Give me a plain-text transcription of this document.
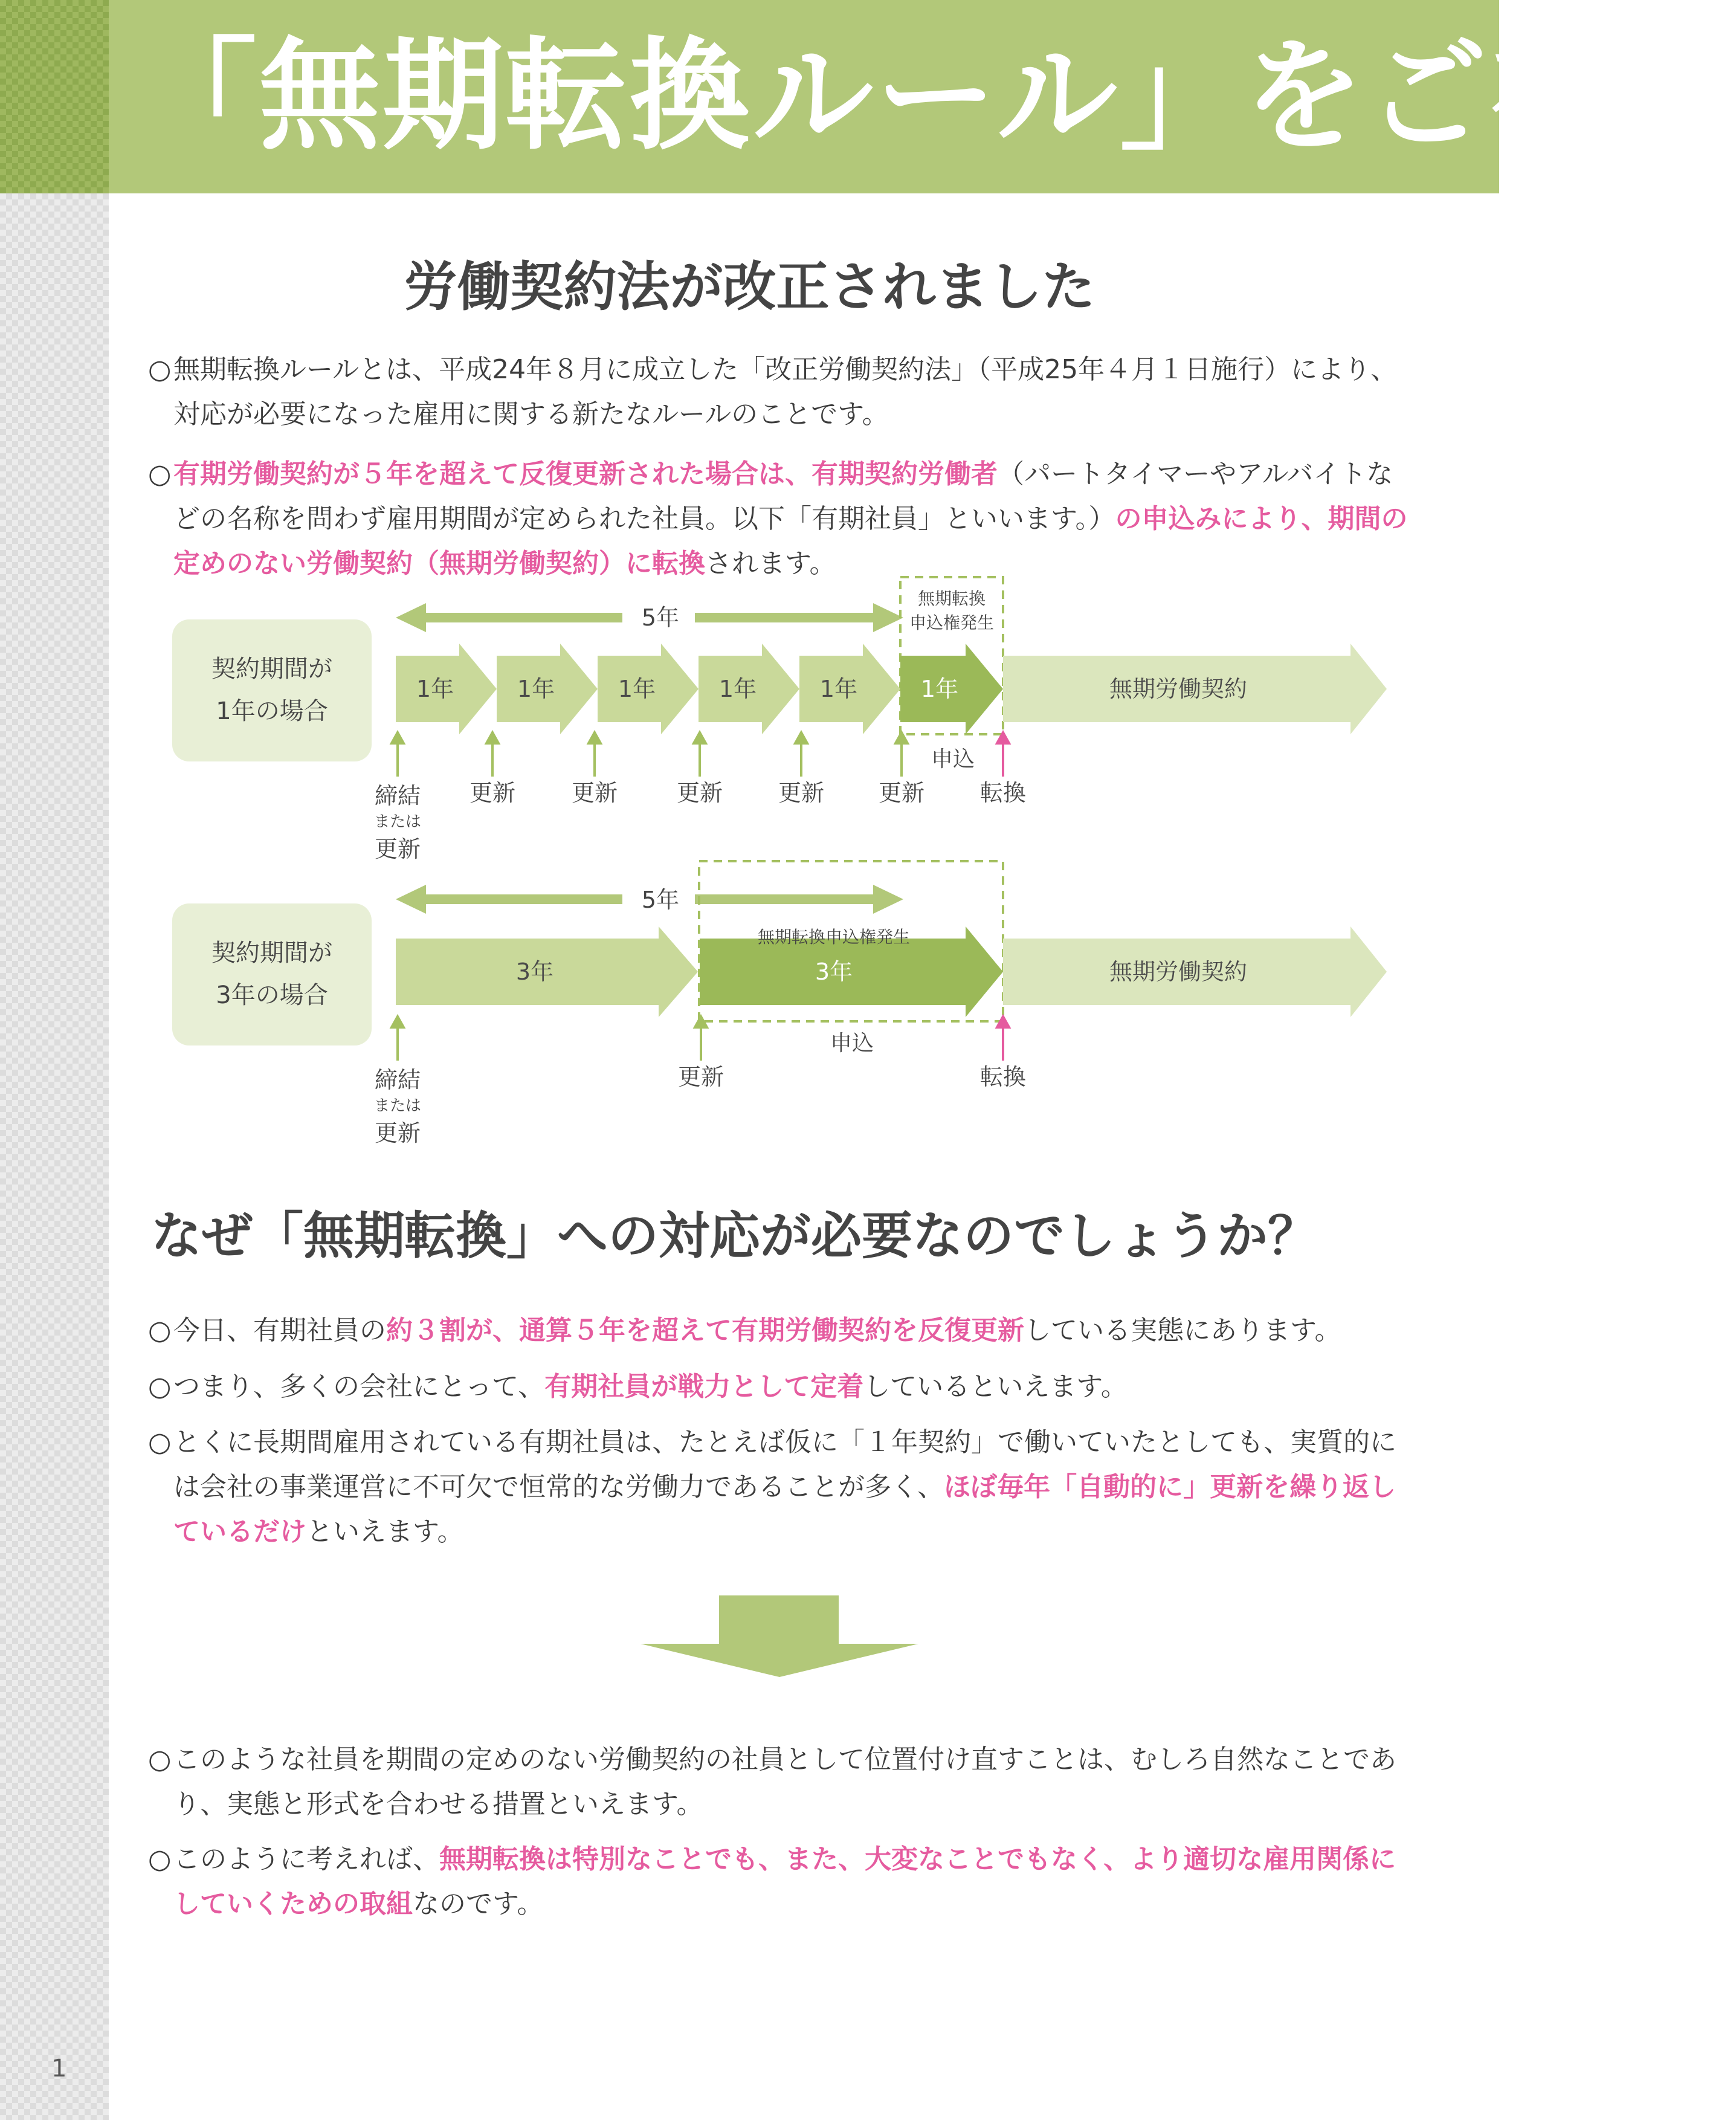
「無期転換ルール」をご存知
労働契約法が改正されました
○ 無期転換ルールとは、平成24年８月に成立した「改正労働契約法」（平成25年４月１日施行）により、対応が必要になった雇用に関する新たなルールのことです。
○ 有期労働契約が５年を超えて反復更新された場合は、有期契約労働者（パートタイマーやアルバイトなどの名称を問わず雇用期間が定められた社員。以下「有期社員」といいます。）の申込みにより、期間の定めのない労働契約（無期労働契約）に転換されます。
契約期間が
1年の場合
5年
無期転換
申込権発生
1年	1年	1年	1年	1年	1年	無期労働契約
申込
締結
または
更新
更新 更新	更新 更新 更新 転換
契約期間が
3年の場合
5年
無期転換申込権発生
3年	3年	無期労働契約
申込
締結
または
更新
更新	転換
なぜ「無期転換」への対応が必要なのでしょうか？
○ 今日、有期社員の約３割が、通算５年を超えて有期労働契約を反復更新している実態にあります。
○ つまり、多くの会社にとって、有期社員が戦力として定着しているといえます。
○ とくに長期間雇用されている有期社員は、たとえば仮に「１年契約」で働いていたとしても、実質的には会社の事業運営に不可欠で恒常的な労働力であることが多く、ほぼ毎年「自動的に」更新を繰り返しているだけといえます。
○ このような社員を期間の定めのない労働契約の社員として位置付け直すことは、むしろ自然なことであり、実態と形式を合わせる措置といえます。
○ このように考えれば、無期転換は特別なことでも、また、大変なことでもなく、より適切な雇用関係にしていくための取組なのです。
1
